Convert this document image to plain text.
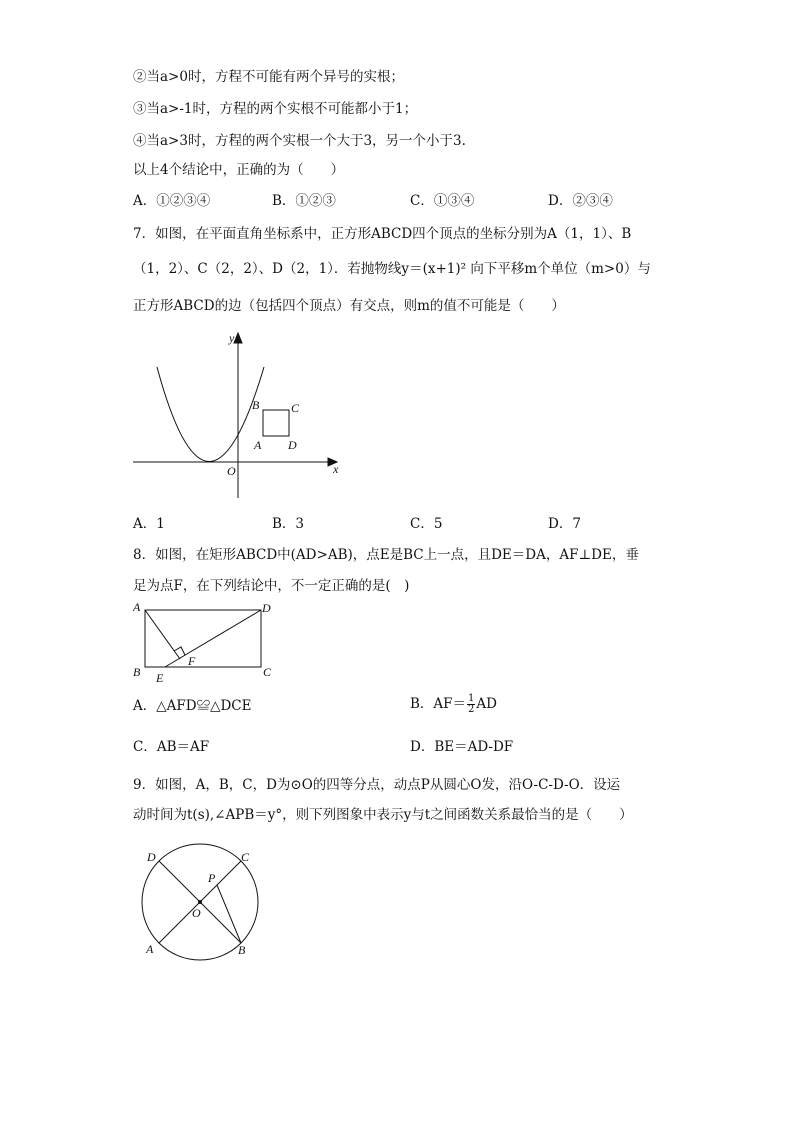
②当a>0时，方程不可能有两个异号的实根；
③当a>-1时，方程的两个实根不可能都小于1；
④当a>3时，方程的两个实根一个大于3，另一个小于3.
以上4个结论中，正确的为（　　）
A．①②③④	B．①②③	C．①③④	D．②③④
7．如图，在平面直角坐标系中，正方形ABCD四个顶点的坐标分别为A（1，1）、B
（1，2）、C（2，2）、D（2，1）．若抛物线y＝(x+1)² 向下平移m个单位（m>0）与
正方形ABCD的边（包括四个顶点）有交点，则m的值不可能是（　　）
y
x
O
A
B	C
D
A．1	B．3	C．5	D．7
8．如图，在矩形ABCD中(AD>AB)，点E是BC上一点，且DE＝DA，AF⊥DE，垂
足为点F，在下列结论中，不一定正确的是(　)
A	D
B	C
E
F
A．△AFD≌△DCE	B．$AF= \frac{1}{2}$ AD
C．AB＝AF	D．BE＝AD-DF
9．如图，A，B，C，D为⊙O的四等分点，动点P从圆心O发，沿O-C-D-O．设运
动时间为t(s),∠APB＝y°，则下列图象中表示y与t之间函数关系最恰当的是（　　）
D	C
P
O
A	B
